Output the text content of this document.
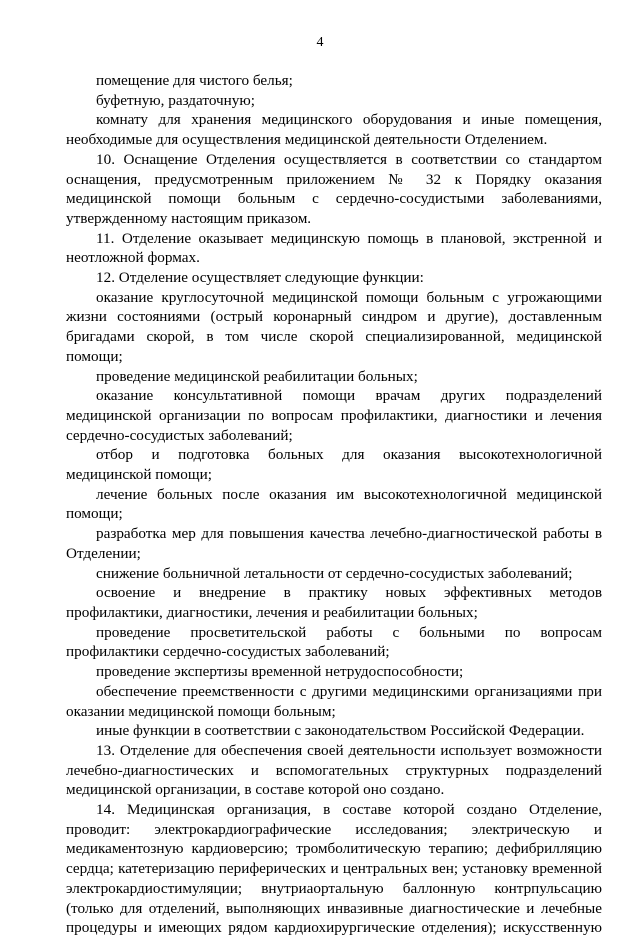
4

помещение для чистого белья;

буфетную, раздаточную;

комнату для хранения медицинского оборудования и иные помещения, необходимые для осуществления медицинской деятельности Отделением.

10. Оснащение Отделения осуществляется в соответствии со стандартом оснащения, предусмотренным приложением № 32 к Порядку оказания медицинской помощи больным с сердечно-сосудистыми заболеваниями, утвержденному настоящим приказом.

11. Отделение оказывает медицинскую помощь в плановой, экстренной и неотложной формах.

12. Отделение осуществляет следующие функции:

оказание круглосуточной медицинской помощи больным с угрожающими жизни состояниями (острый коронарный синдром и другие), доставленным бригадами скорой, в том числе скорой специализированной, медицинской помощи;

проведение медицинской реабилитации больных;

оказание консультативной помощи врачам других подразделений медицинской организации по вопросам профилактики, диагностики и лечения сердечно-сосудистых заболеваний;

отбор и подготовка больных для оказания высокотехнологичной медицинской помощи;

лечение больных после оказания им высокотехнологичной медицинской помощи;

разработка мер для повышения качества лечебно-диагностической работы в Отделении;

снижение больничной летальности от сердечно-сосудистых заболеваний;

освоение и внедрение в практику новых эффективных методов профилактики, диагностики, лечения и реабилитации больных;

проведение просветительской работы с больными по вопросам профилактики сердечно-сосудистых заболеваний;

проведение экспертизы временной нетрудоспособности;

обеспечение преемственности с другими медицинскими организациями при оказании медицинской помощи больным;

иные функции в соответствии с законодательством Российской Федерации.

13. Отделение для обеспечения своей деятельности использует возможности лечебно-диагностических и вспомогательных структурных подразделений медицинской организации, в составе которой оно создано.

14. Медицинская организация, в составе которой создано Отделение, проводит: электрокардиографические исследования; электрическую и медикаментозную кардиоверсию; тромболитическую терапию; дефибрилляцию сердца; катетеризацию периферических и центральных вен; установку временной электрокардиостимуляции; внутриаортальную баллонную контрпульсацию (только для отделений, выполняющих инвазивные диагностические и лечебные процедуры и имеющих рядом кардиохирургические отделения); искусственную
